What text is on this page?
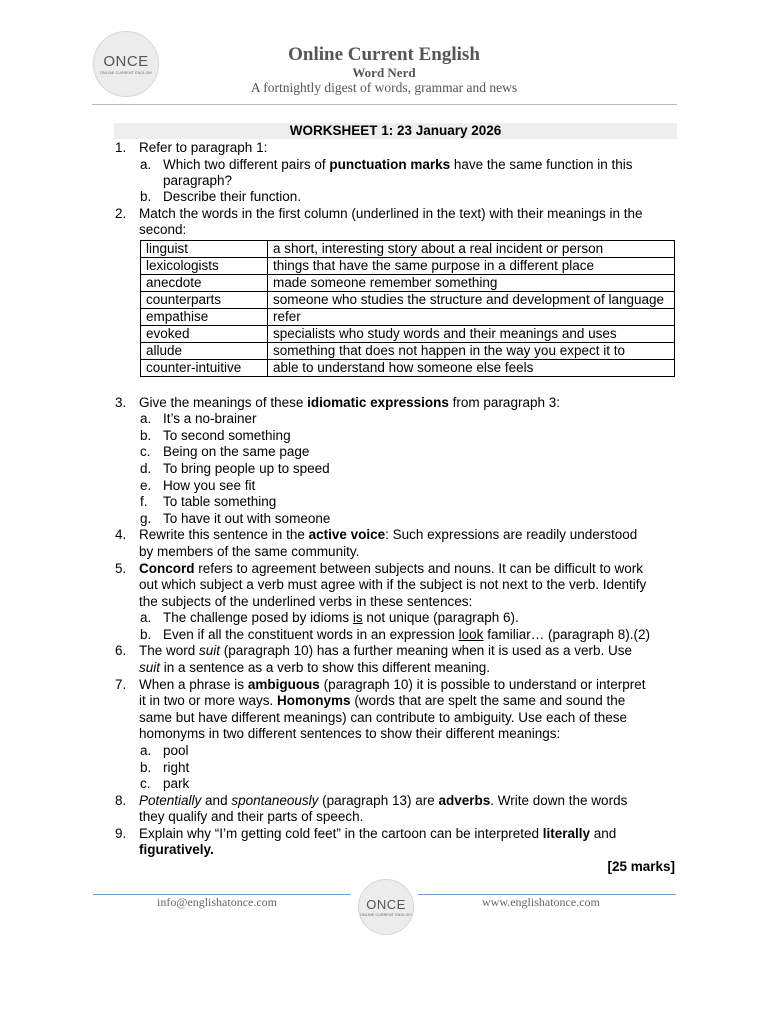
ONCE
ONLINE CURRENT ENGLISH
Online Current English
Word Nerd
A fortnightly digest of words, grammar and news
WORKSHEET 1: 23 January 2026
1. Refer to paragraph 1:
a. Which two different pairs of punctuation marks have the same function in this
paragraph?
b. Describe their function.
2. Match the words in the first column (underlined in the text) with their meanings in the
second:
linguist	a short, interesting story about a real incident or person
lexicologists	things that have the same purpose in a different place
anecdote	made someone remember something
counterparts	someone who studies the structure and development of language
empathise	refer
evoked	specialists who study words and their meanings and uses
allude	something that does not happen in the way you expect it to
counter-intuitive	able to understand how someone else feels
3. Give the meanings of these idiomatic expressions from paragraph 3:
a. It’s a no-brainer
b. To second something
c. Being on the same page
d. To bring people up to speed
e. How you see fit
f. To table something
g. To have it out with someone
4. Rewrite this sentence in the active voice: Such expressions are readily understood
by members of the same community.
5. Concord refers to agreement between subjects and nouns. It can be difficult to work
out which subject a verb must agree with if the subject is not next to the verb. Identify
the subjects of the underlined verbs in these sentences:
a. The challenge posed by idioms is not unique (paragraph 6).
b. Even if all the constituent words in an expression look familiar… (paragraph 8).(2)
6. The word suit (paragraph 10) has a further meaning when it is used as a verb. Use
suit in a sentence as a verb to show this different meaning.
7. When a phrase is ambiguous (paragraph 10) it is possible to understand or interpret
it in two or more ways. Homonyms (words that are spelt the same and sound the
same but have different meanings) can contribute to ambiguity. Use each of these
homonyms in two different sentences to show their different meanings:
a. pool
b. right
c. park
8. Potentially and spontaneously (paragraph 13) are adverbs. Write down the words
they qualify and their parts of speech.
9. Explain why “I’m getting cold feet” in the cartoon can be interpreted literally and
figuratively.
[25 marks]
info@englishatonce.com	www.englishatonce.com
ONCE
ONLINE CURRENT ENGLISH
